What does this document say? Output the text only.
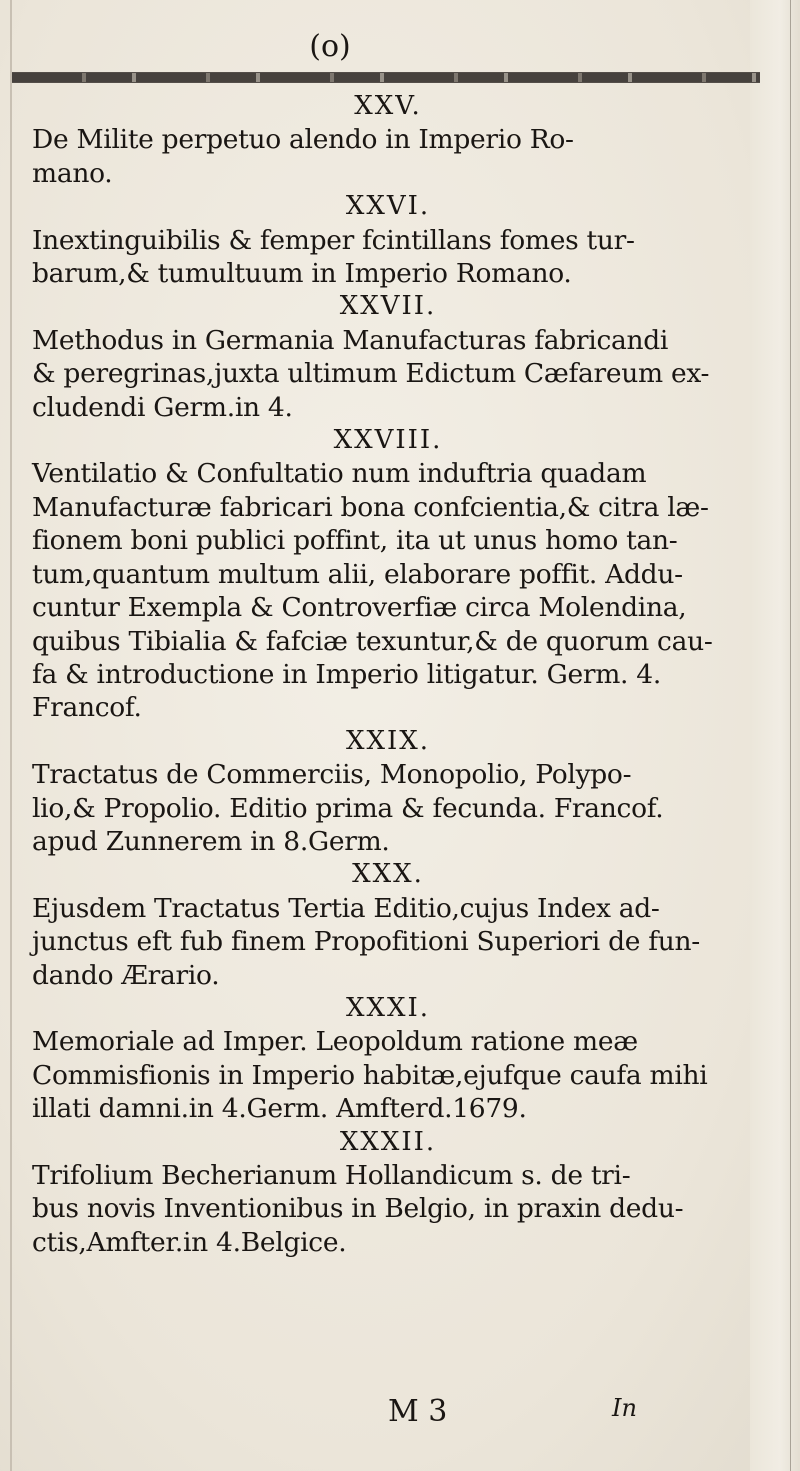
(o)
XXV.
De Milite perpetuo alendo in Imperio Ro-
mano.
XXVI.
Inextinguibilis & femper fcintillans fomes tur-
barum,& tumultuum in Imperio Romano.
XXVII.
Methodus in Germania Manufacturas fabricandi
& peregrinas,juxta ultimum Edictum Cæfareum ex-
cludendi Germ.in 4.
XXVIII.
Ventilatio & Confultatio num induftria quadam
Manufacturæ fabricari bona confcientia,& citra læ-
fionem boni publici poffint, ita ut unus homo tan-
tum,quantum multum alii, elaborare poffit. Addu-
cuntur Exempla & Controverfiæ circa Molendina,
quibus Tibialia & fafciæ texuntur,& de quorum cau-
fa & introductione in Imperio litigatur. Germ. 4.
Francof.
XXIX.
Tractatus de Commerciis, Monopolio, Polypo-
lio,& Propolio. Editio prima & fecunda. Francof.
apud Zunnerem in 8.Germ.
XXX.
Ejusdem Tractatus Tertia Editio,cujus Index ad-
junctus eft fub finem Propofitioni Superiori de fun-
dando Ærario.
XXXI.
Memoriale ad Imper. Leopoldum ratione meæ
Commisfionis in Imperio habitæ,ejufque caufa mihi
illati damni.in 4.Germ. Amfterd.1679.
XXXII.
Trifolium Becherianum Hollandicum s. de tri-
bus novis Inventionibus in Belgio, in praxin dedu-
ctis,Amfter.in 4.Belgice.
M 3	In
